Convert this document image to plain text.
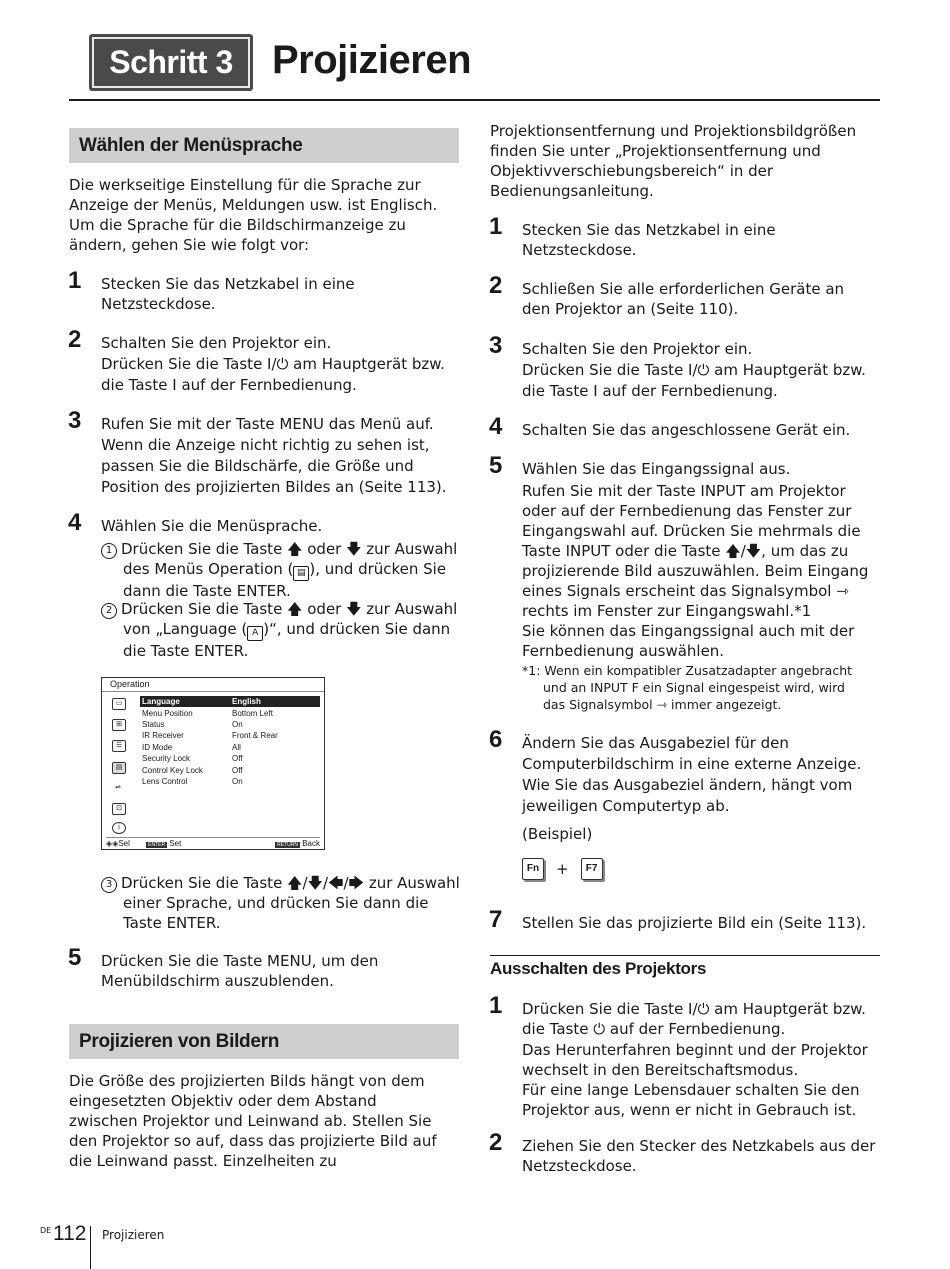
Schritt 3 Projizieren
Wählen der Menüsprache
Die werkseitige Einstellung für die Sprache zur
Anzeige der Menüs, Meldungen usw. ist Englisch.
Um die Sprache für die Bildschirmanzeige zu
ändern, gehen Sie wie folgt vor:
1 Stecken Sie das Netzkabel in eine
Netzsteckdose.
2 Schalten Sie den Projektor ein.
Drücken Sie die Taste I/⏻ am Hauptgerät bzw.
die Taste I auf der Fernbedienung.
3 Rufen Sie mit der Taste MENU das Menü auf.
Wenn die Anzeige nicht richtig zu sehen ist,
passen Sie die Bildschärfe, die Größe und
Position des projizierten Bildes an (Seite 113).
4 Wählen Sie die Menüsprache.
1 Drücken Sie die Taste 🡅 oder 🡇 zur Auswahl
des Menüs Operation ( ▤ ), und drücken Sie
dann die Taste ENTER.
2 Drücken Sie die Taste 🡅 oder 🡇 zur Auswahl
von „Language ( A )“, und drücken Sie dann
die Taste ENTER.
Operation
▭
⊞
☰
▤
⇌
⊡
i
Language	English
Menu Position	Bottom Left
Status	On
IR Receiver	Front & Rear
ID Mode	All
Security Lock	Off
Control Key Lock	Off
Lens Control	On
◈◈Sel	ENTER Set	RETURN Back
3 Drücken Sie die Taste 🡅/🡇/🡄/🡆 zur Auswahl
einer Sprache, und drücken Sie dann die
Taste ENTER.
5 Drücken Sie die Taste MENU, um den
Menübildschirm auszublenden.
Projizieren von Bildern
Die Größe des projizierten Bilds hängt von dem
eingesetzten Objektiv oder dem Abstand
zwischen Projektor und Leinwand ab. Stellen Sie
den Projektor so auf, dass das projizierte Bild auf
die Leinwand passt. Einzelheiten zu
Projektionsentfernung und Projektionsbildgrößen
finden Sie unter „Projektionsentfernung und
Objektivverschiebungsbereich“ in der
Bedienungsanleitung.
1 Stecken Sie das Netzkabel in eine
Netzsteckdose.
2 Schließen Sie alle erforderlichen Geräte an
den Projektor an (Seite 110).
3 Schalten Sie den Projektor ein.
Drücken Sie die Taste I/⏻ am Hauptgerät bzw.
die Taste I auf der Fernbedienung.
4 Schalten Sie das angeschlossene Gerät ein.
5 Wählen Sie das Eingangssignal aus.
Rufen Sie mit der Taste INPUT am Projektor
oder auf der Fernbedienung das Fenster zur
Eingangswahl auf. Drücken Sie mehrmals die
Taste INPUT oder die Taste 🡅/🡇, um das zu
projizierende Bild auszuwählen. Beim Eingang
eines Signals erscheint das Signalsymbol ⇾
rechts im Fenster zur Eingangswahl.*1
Sie können das Eingangssignal auch mit der
Fernbedienung auswählen.
*1: Wenn ein kompatibler Zusatzadapter angebracht
und an INPUT F ein Signal eingespeist wird, wird
das Signalsymbol ⇾ immer angezeigt.
6 Ändern Sie das Ausgabeziel für den
Computerbildschirm in eine externe Anzeige.
Wie Sie das Ausgabeziel ändern, hängt vom
jeweiligen Computertyp ab.
(Beispiel)
Fn	+	F7
7 Stellen Sie das projizierte Bild ein (Seite 113).
Ausschalten des Projektors
1 Drücken Sie die Taste I/⏻ am Hauptgerät bzw.
die Taste ⏻ auf der Fernbedienung.
Das Herunterfahren beginnt und der Projektor
wechselt in den Bereitschaftsmodus.
Für eine lange Lebensdauer schalten Sie den
Projektor aus, wenn er nicht in Gebrauch ist.
2 Ziehen Sie den Stecker des Netzkabels aus der
Netzsteckdose.
DE 112 Projizieren
